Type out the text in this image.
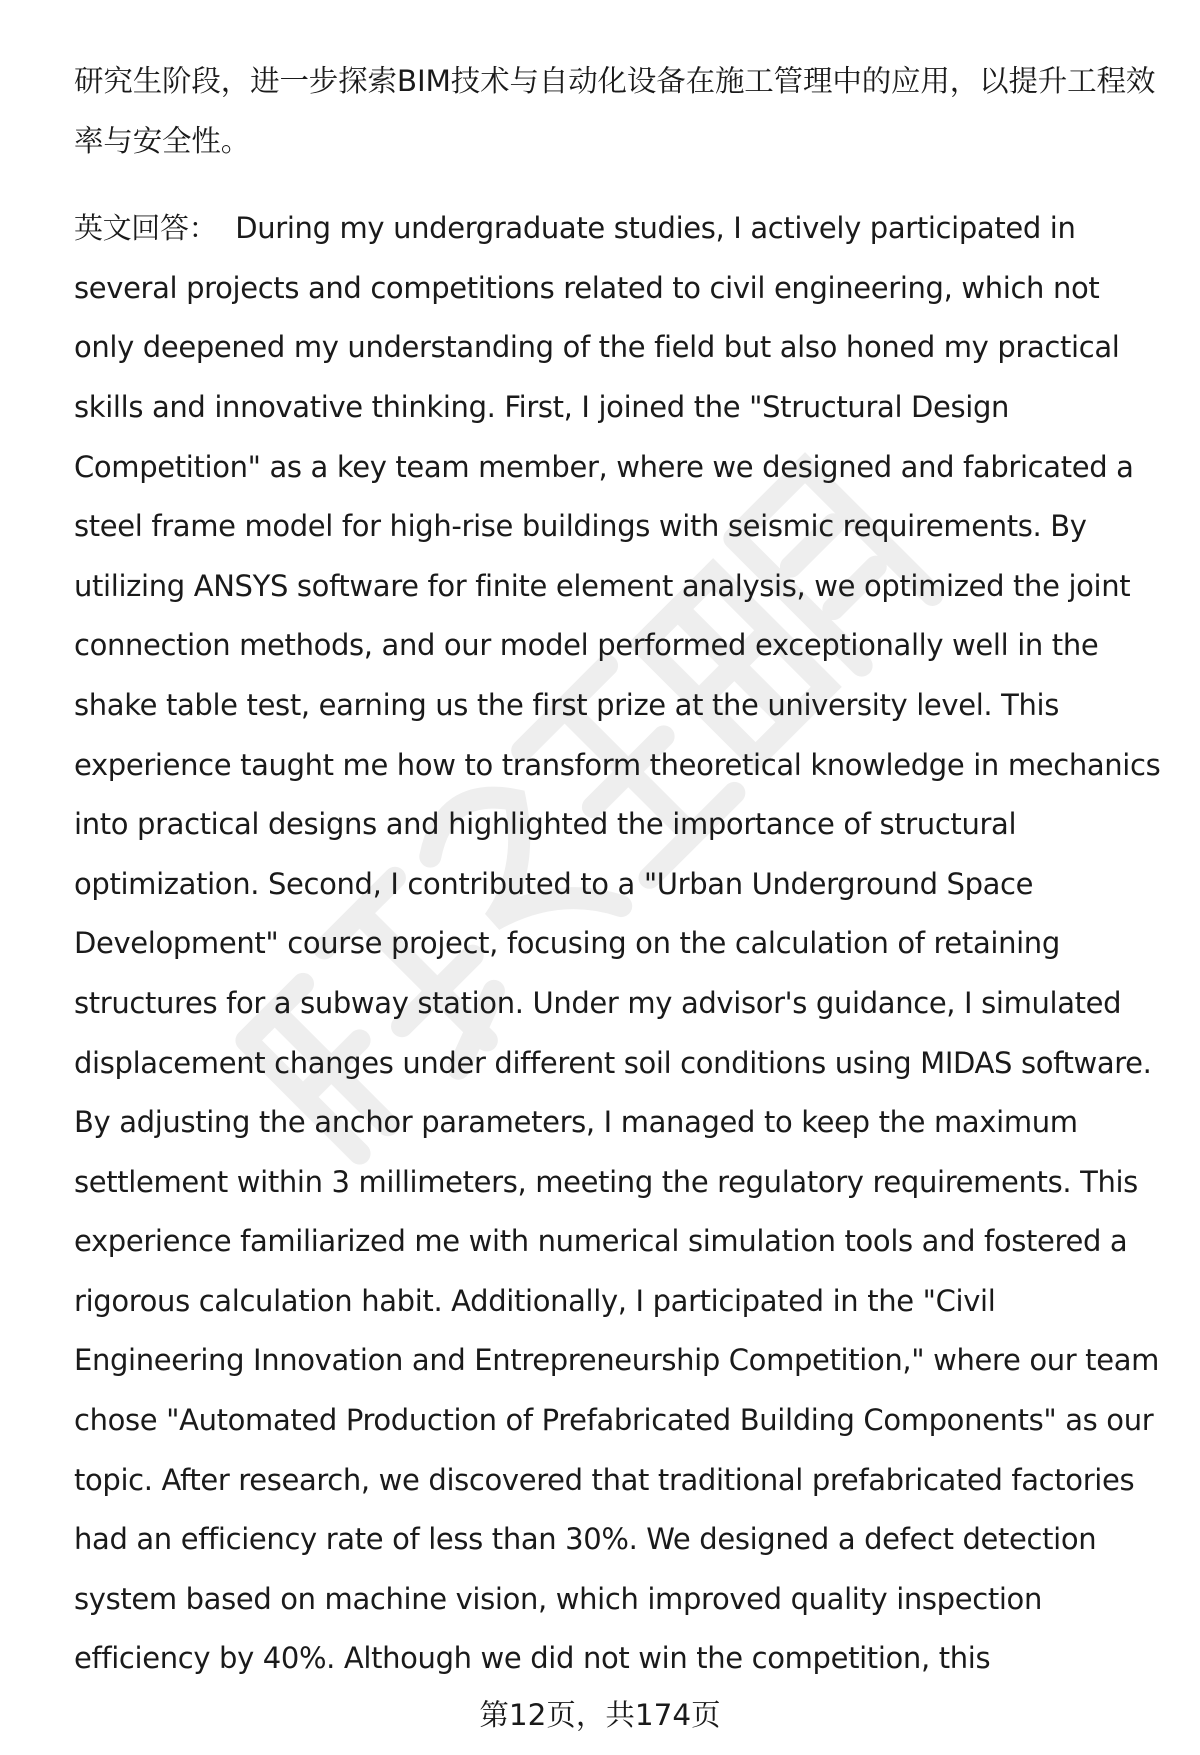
研究生阶段，进一步探索BIM技术与自动化设备在施工管理中的应用，以提升工程效率与安全性。

英文回答： During my undergraduate studies, I actively participated in several projects and competitions related to civil engineering, which not only deepened my understanding of the field but also honed my practical skills and innovative thinking. First, I joined the "Structural Design Competition" as a key team member, where we designed and fabricated a steel frame model for high-rise buildings with seismic requirements. By utilizing ANSYS software for finite element analysis, we optimized the joint connection methods, and our model performed exceptionally well in the shake table test, earning us the first prize at the university level. This experience taught me how to transform theoretical knowledge in mechanics into practical designs and highlighted the importance of structural optimization. Second, I contributed to a "Urban Underground Space Development" course project, focusing on the calculation of retaining structures for a subway station. Under my advisor's guidance, I simulated displacement changes under different soil conditions using MIDAS software. By adjusting the anchor parameters, I managed to keep the maximum settlement within 3 millimeters, meeting the regulatory requirements. This experience familiarized me with numerical simulation tools and fostered a rigorous calculation habit. Additionally, I participated in the "Civil Engineering Innovation and Entrepreneurship Competition," where our team chose "Automated Production of Prefabricated Building Components" as our topic. After research, we discovered that traditional prefabricated factories had an efficiency rate of less than 30%. We designed a defect detection system based on machine vision, which improved quality inspection efficiency by 40%. Although we did not win the competition, this

第12页，共174页
